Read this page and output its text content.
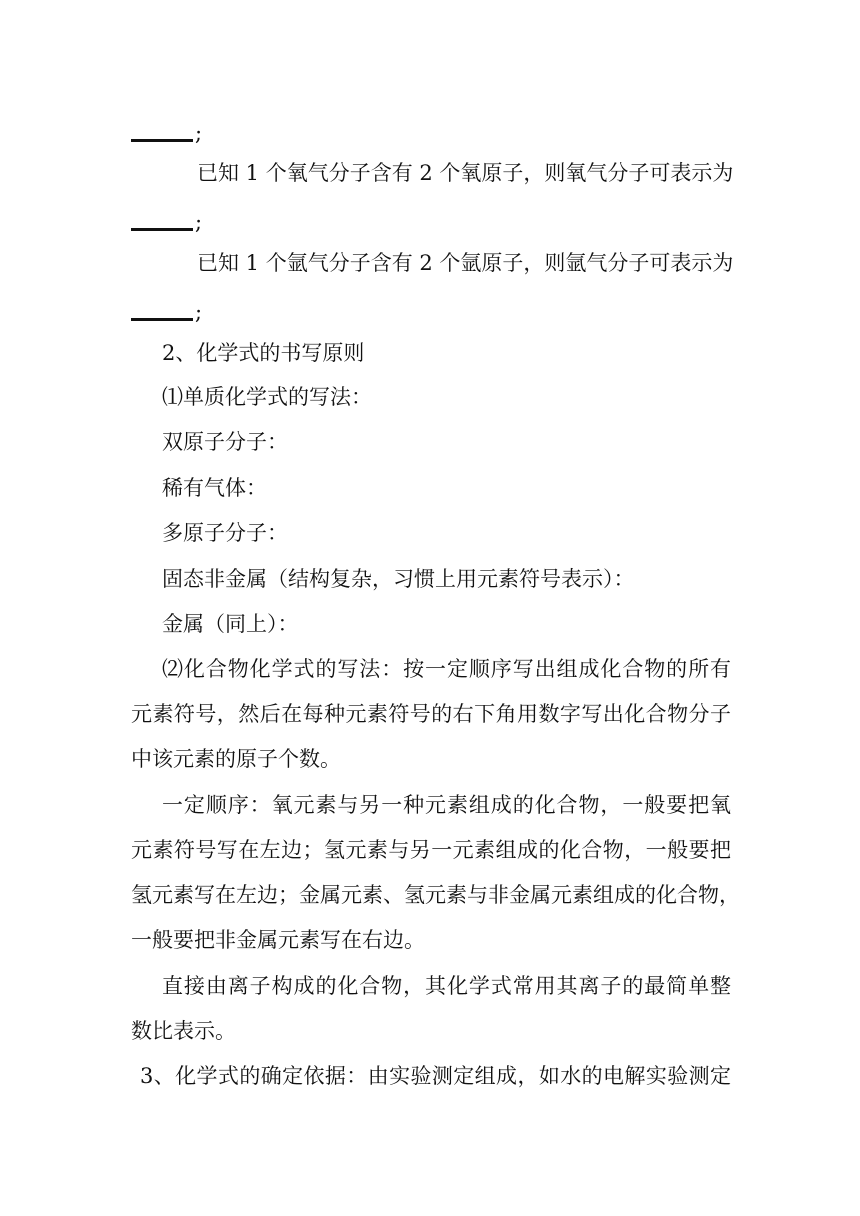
;
已知 1 个氧气分子含有 2 个氧原子，则氧气分子可表示为
;
已知 1 个氩气分子含有 2 个氩原子，则氩气分子可表示为
;
2、化学式的书写原则
⑴单质化学式的写法：
双原子分子：
稀有气体：
多原子分子：
固态非金属（结构复杂，习惯上用元素符号表示）：
金属（同上）：
⑵化合物化学式的写法：按一定顺序写出组成化合物的所有
元素符号，然后在每种元素符号的右下角用数字写出化合物分子
中该元素的原子个数。
一定顺序：氧元素与另一种元素组成的化合物，一般要把氧
元素符号写在左边；氢元素与另一元素组成的化合物，一般要把
氢元素写在左边；金属元素、氢元素与非金属元素组成的化合物，
一般要把非金属元素写在右边。
直接由离子构成的化合物，其化学式常用其离子的最简单整
数比表示。
3、化学式的确定依据：由实验测定组成，如水的电解实验测定
